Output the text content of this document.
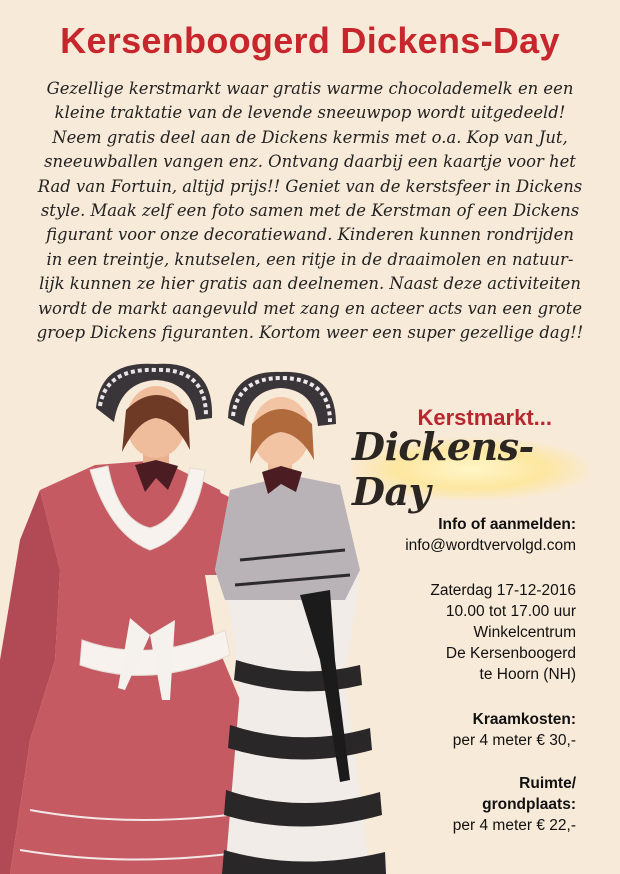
Kersenboogerd Dickens-Day
Gezellige kerstmarkt waar gratis warme chocolademelk en een
kleine traktatie van de levende sneeuwpop wordt uitgedeeld!
Neem gratis deel aan de Dickens kermis met o.a. Kop van Jut,
sneeuwballen vangen enz. Ontvang daarbij een kaartje voor het
Rad van Fortuin, altijd prijs!! Geniet van de kerstsfeer in Dickens
style. Maak zelf een foto samen met de Kerstman of een Dickens
figurant voor onze decoratiewand. Kinderen kunnen rondrijden
in een treintje, knutselen, een ritje in de draaimolen en natuur-
lijk kunnen ze hier gratis aan deelnemen. Naast deze activiteiten
wordt de markt aangevuld met zang en acteer acts van een grote
groep Dickens figuranten. Kortom weer een super gezellige dag!!

Kerstmarkt...

Dickens-Day
Info of aanmelden:
info@wordtvervolgd.com
Zaterdag 17-12-2016
10.00 tot 17.00 uur
Winkelcentrum
De Kersenboogerd
te Hoorn (NH)
Kraamkosten:
per 4 meter € 30,-
Ruimte/
grondplaats:
per 4 meter € 22,-
